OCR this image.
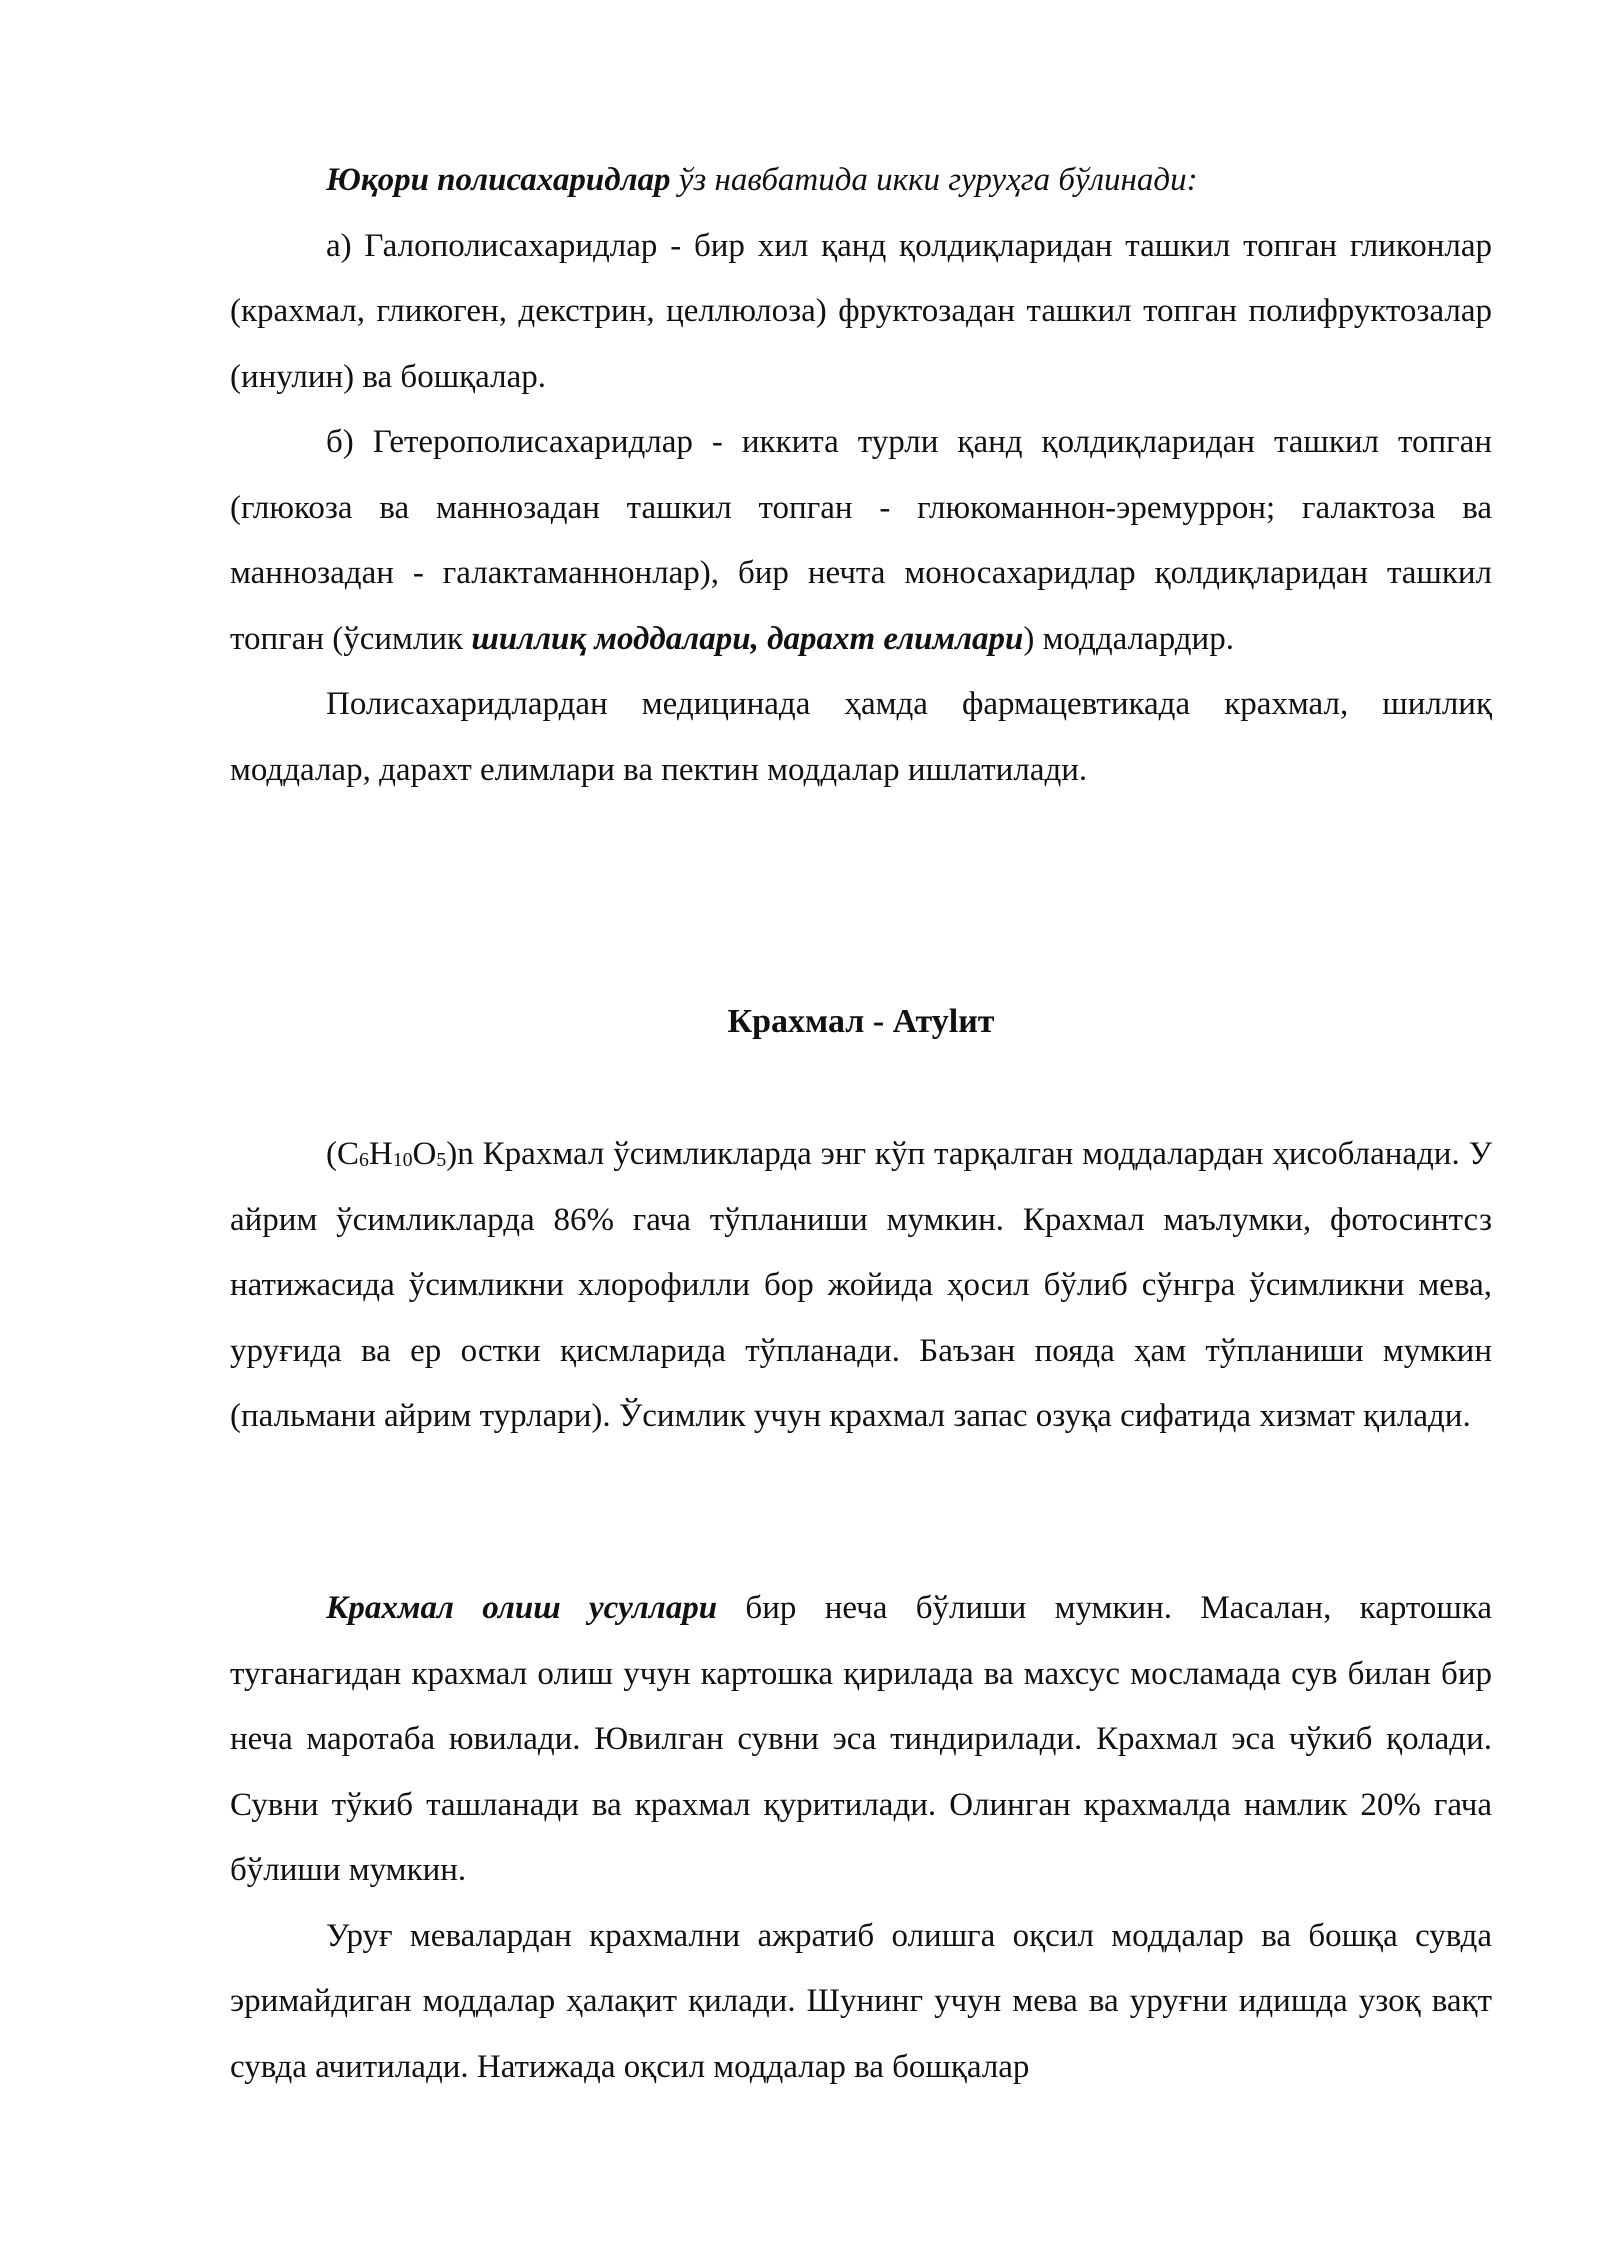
Юқори полисахаридлар ўз навбатида икки гуруҳга бўлинади:

а) Галополисахаридлар - бир хил қанд қолдиқларидан ташкил топган гликонлар (крахмал, гликоген, декстрин, целлюлоза) фруктозадан ташкил топган полифруктозалар (инулин) ва бошқалар.

б) Гетерополисахаридлар - иккита турли қанд қолдиқларидан ташкил топган (глюкоза ва маннозадан ташкил топган - глюкоманнон-эремуррон; галактоза ва маннозадан - галактаманнонлар), бир нечта моносахаридлар қолдиқларидан ташкил топган (ўсимлик шиллиқ моддалари, дарахт елимлари) моддалардир.

Полисахаридлардан медицинада ҳамда фармацевтикада крахмал, шиллиқ моддалар, дарахт елимлари ва пектин моддалар ишлатилади.

Крахмал - Атуlит

$(C_6H_{10}O_5)n$ Крахмал ўсимликларда энг кўп тарқалган моддалардан ҳисобланади. У айрим ўсимликларда 86% гача тўпланиши мумкин. Крахмал маълумки, фотосинтсз натижасида ўсимликни хлорофилли бор жойида ҳосил бўлиб сўнгра ўсимликни мева, уруғида ва ер остки қисмларида тўпланади. Баъзан пояда ҳам тўпланиши мумкин (пальмани айрим турлари). Ўсимлик учун крахмал запас озуқа сифатида хизмат қилади.

Крахмал олиш усуллари бир неча бўлиши мумкин. Масалан, картошка туганагидан крахмал олиш учун картошка қирилада ва махсус мосламада сув билан бир неча маротаба ювилади. Ювилган сувни эса тиндирилади. Крахмал эса чўкиб қолади. Сувни тўкиб ташланади ва крахмал қуритилади. Олинган крахмалда намлик 20% гача бўлиши мумкин.

Уруғ мевалардан крахмални ажратиб олишга оқсил моддалар ва бошқа сувда эримайдиган моддалар ҳалақит қилади. Шунинг учун мева ва уруғни идишда узоқ вақт сувда ачитилади. Натижада оқсил моддалар ва бошқалар
